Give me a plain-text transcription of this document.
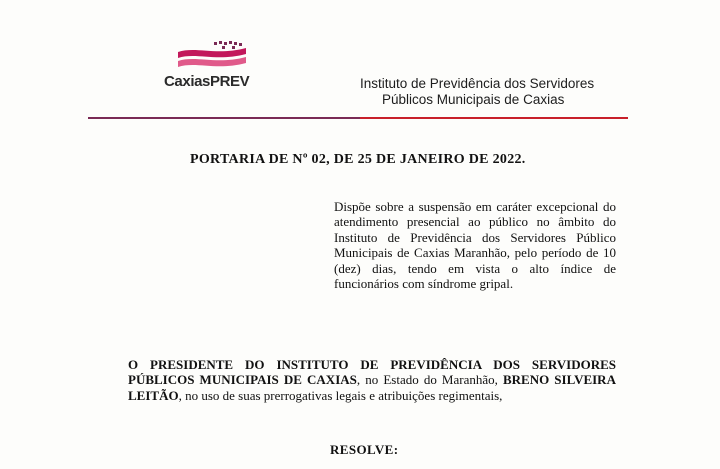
CaxiasPREV	Instituto de Previdência dos Servidores
Públicos Municipais de Caxias
PORTARIA DE Nº 02, DE 25 DE JANEIRO DE 2022.
Dispõe sobre a suspensão em caráter excepcional do atendimento presencial ao público no âmbito do Instituto de Previdência dos Servidores Público Municipais de Caxias Maranhão, pelo período de 10 (dez) dias, tendo em vista o alto índice de funcionários com síndrome gripal.
O PRESIDENTE DO INSTITUTO DE PREVIDÊNCIA DOS SERVIDORES PÚBLICOS MUNICIPAIS DE CAXIAS, no Estado do Maranhão, BRENO SILVEIRA LEITÃO, no uso de suas prerrogativas legais e atribuições regimentais,
RESOLVE:
